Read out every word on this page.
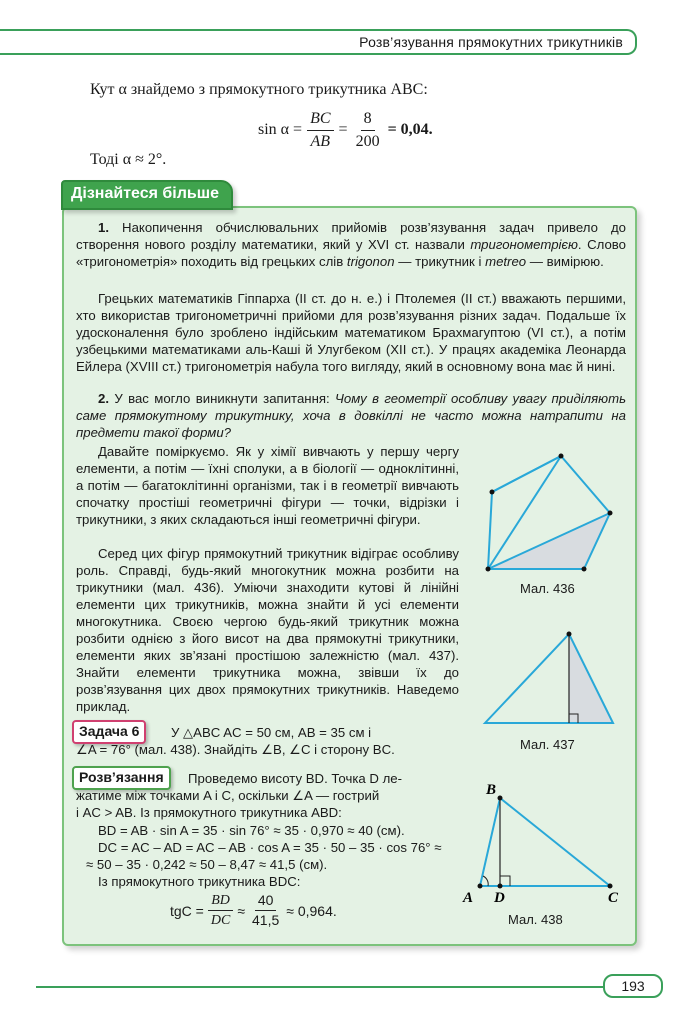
Розв’язування прямокутних трикутників
Кут α знайдемо з прямокутного трикутника ABC:
$\sin \alpha = \frac{BC}{AB} = \frac{8}{200} = 0,04$.
Тоді α ≈ 2°.
Дізнайтеся більше
1. Накопичення обчислювальних прийомів розв’язування задач привело до створення нового розділу математики, який у XVI ст. назвали тригонометрією. Слово «тригонометрія» походить від грецьких слів trigonon — трикутник і metreo — вимірюю.
Грецьких математиків Гіппарха (II ст. до н. е.) і Птолемея (II ст.) вважають першими, хто використав тригонометричні прийоми для розв’язування різних задач. Подальше їх удосконалення було зроблено індійським математиком Брахмагуптою (VI ст.), а потім узбецькими математиками аль-Каші й Улугбеком (XII ст.). У працях академіка Леонарда Ейлера (XVIII ст.) тригонометрія набула того вигляду, який в основному вона має й нині.
2. У вас могло виникнути запитання: Чому в геометрії особливу увагу приділяють саме прямокутному трикутнику, хоча в довкіллі не часто можна натрапити на предмети такої форми?
Давайте поміркуємо. Як у хімії вивчають у першу чергу елементи, а потім — їхні сполуки, а в біології — одноклітинні, а потім — багатоклітинні організми, так і в геометрії вивчають спочатку простіші геометричні фігури — точки, відрізки і трикутники, з яких складаються інші геометричні фігури.
Серед цих фігур прямокутний трикутник відіграє особливу роль. Справді, будь-який многокутник можна розбити на трикутники (мал. 436). Уміючи знаходити кутові й лінійні елементи цих трикутників, можна знайти й усі елементи многокутника. Своєю чергою будь-який трикутник можна розбити однією з його висот на два прямокутні трикутники, елементи яких зв’язані простішою залежністю (мал. 437). Знайти елементи трикутника можна, звівши їх до розв’язування цих двох прямокутних трикутників. Наведемо приклад.
Мал. 436
Мал. 437
Задача 6	У △ABC AC = 50 см, AB = 35 см і
∠A = 76° (мал. 438). Знайдіть ∠B, ∠C і сторону BC.
Розв’язання	Проведемо висоту BD. Точка D ле-
жатиме між точками A і C, оскільки ∠A — гострий
і AC > AB. Із прямокутного трикутника ABD:
BD = AB · sin A = 35 · sin 76° ≈ 35 · 0,970 ≈ 40 (см).
DC = AC – AD = AC – AB · cos A = 35 · 50 – 35 · cos 76° ≈
≈ 50 – 35 · 0,242 ≈ 50 – 8,47 ≈ 41,5 (см).
Із прямокутного трикутника BDC:
tgC = $\frac{BD}{DC} \approx \frac{40}{41,5} \approx 0,964$.
B
A D	C
Мал. 438
193
